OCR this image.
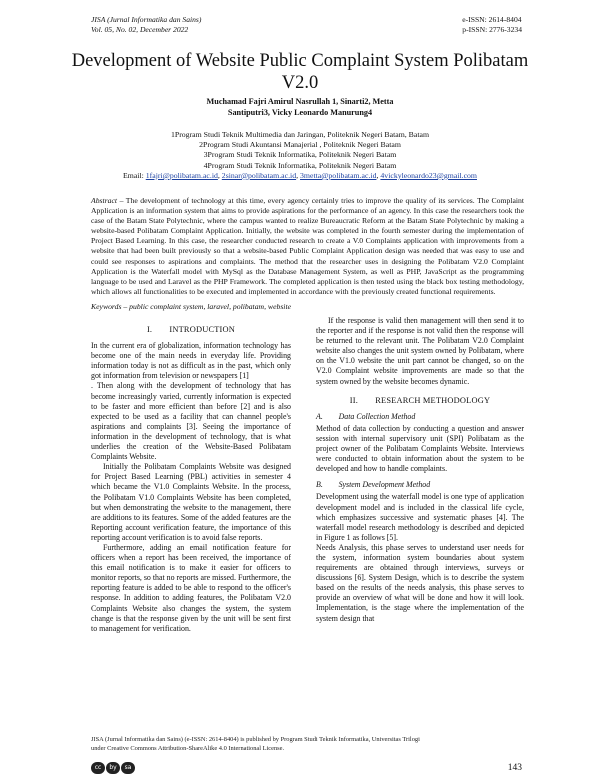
JISA (Jurnal Informatika dan Sains)
Vol. 05, No. 02, December 2022
e-ISSN: 2614-8404
p-ISSN: 2776-3234
Development of Website Public Complaint System Polibatam V2.0
Muchamad Fajri Amirul Nasrullah 1, Sinarti2, Metta
Santiputri3, Vicky Leonardo Manurung4
1Program Studi Teknik Multimedia dan Jaringan, Politeknik Negeri Batam, Batam
2Program Studi Akuntansi Manajerial , Politeknik Negeri Batam
3Program Studi Teknik Informatika, Politeknik Negeri Batam
4Program Studi Teknik Informatika, Politeknik Negeri Batam
Email: 1fajri@polibatam.ac.id, 2sinar@polibatam.ac.id, 3metta@polibatam.ac.id, 4vickyleonardo23@gmail.com
Abstract – The development of technology at this time, every agency certainly tries to improve the quality of its services. The Complaint Application is an information system that aims to provide aspirations for the performance of an agency. In this case the researchers took the case of the Batam State Polytechnic, where the campus wanted to realize Bureaucratic Reform at the Batam State Polytechnic by making a website-based Polibatam Complaint Application. Initially, the website was completed in the fourth semester during the implementation of Project Based Learning. In this case, the researcher conducted research to create a V.0 Complaints application with improvements from a website that had been built previously so that a website-based Public Complaint Application design was needed that was easy to use and could see responses to aspirations and complaints. The method that the researcher uses in designing the Polibatam V2.0 Complaint Application is the Waterfall model with MySql as the Database Management System, as well as PHP, JavaScript as the programming language to be used and Laravel as the PHP Framework. The completed application is then tested using the black box testing methodology, which allows all functionalities to be executed and implemented in accordance with the previously created functional requirements.
Keywords – public complaint system, laravel, polibatam, website
I.  INTRODUCTION

In the current era of globalization, information technology has become one of the main needs in everyday life. Providing information today is not as difficult as in the past, which only got information from television or newspapers [1]

. Then along with the development of technology that has become increasingly varied, currently information is expected to be faster and more efficient than before [2] and is also expected to be used as a facility that can channel people's aspirations and complaints [3]. Seeing the importance of information in the development of technology, that is what underlies the creation of the Website-Based Polibatam Complaints Website.

Initially the Polibatam Complaints Website was designed for Project Based Learning (PBL) activities in semester 4 which became the V1.0 Complaints Website. In the process, the Polibatam V1.0 Complaints Website has been completed, but when demonstrating the website to the management, there are additions to its features. Some of the added features are the Reporting account verification feature, the importance of this reporting account verification is to avoid false reports.

Furthermore, adding an email notification feature for officers when a report has been received, the importance of this email notification is to make it easier for officers to monitor reports, so that no reports are missed. Furthermore, the reporting feature is added to be able to respond to the officer's response. In addition to adding features, the Polibatam V2.0 Complaints Website also changes the system, the system change is that the response given by the unit will be sent first to management for verification.

If the response is valid then management will then send it to the reporter and if the response is not valid then the response will be returned to the relevant unit. The Polibatam V2.0 Complaint website also changes the unit system owned by Polibatam, where on the V1.0 website the unit part cannot be changed, so on the V2.0 Complaint website improvements are made so that the system owned by the website becomes dynamic.

II.  RESEARCH METHODOLOGY
A.  Data Collection Method

Method of data collection by conducting a question and answer session with internal supervisory unit (SPI) Polibatam as the project owner of the Polibatam Complaints Website. Interviews were conducted to obtain information about the system to be developed and how to handle complaints.

B.  System Development Method

Development using the waterfall model is one type of application development model and is included in the classical life cycle, which emphasizes successive and systematic phases [4]. The waterfall model research methodology is described and depicted in Figure 1 as follows [5].

Needs Analysis, this phase serves to understand user needs for the system, information system boundaries about system requirements are obtained through interviews, surveys or discussions [6]. System Design, which is to describe the system based on the results of the needs analysis, this phase serves to provide an overview of what will be done and how it will look. Implementation, is the stage where the implementation of the system design that

JISA (Jurnal Informatika dan Sains) (e-ISSN: 2614-8404) is published by Program Studi Teknik Informatika, Universitas Trilogi
under Creative Commons Attribution-ShareAlike 4.0 International License.
cc	by	sa	143
